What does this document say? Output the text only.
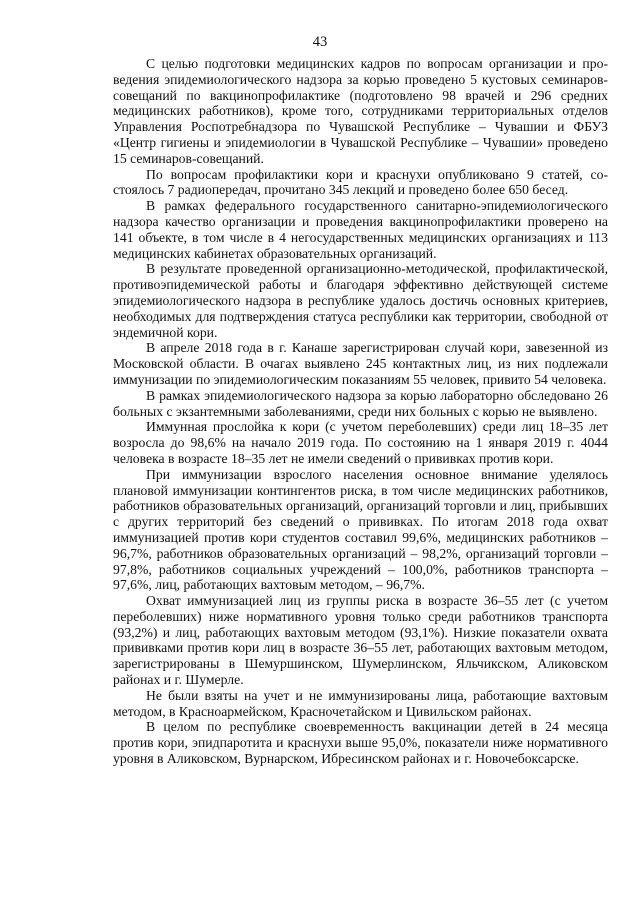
43

С целью подготовки медицинских кадров по вопросам организации и проведения эпидемиологического надзора за корью проведено 5 кустовых семинаров-совещаний по вакцинопрофилактике (подготовлено 98 врачей и 296 средних медицинских работников), кроме того, сотрудниками территориальных отделов Управления Роспотребнадзора по Чувашской Республике – Чувашии и ФБУЗ «Центр гигиены и эпидемиологии в Чувашской Республике – Чувашии» проведено 15 семинаров-совещаний.

По вопросам профилактики кори и краснухи опубликовано 9 статей, состоялось 7 радиопередач, прочитано 345 лекций и проведено более 650 бесед.

В рамках федерального государственного санитарно-эпидемиологического надзора качество организации и проведения вакцинопрофилактики проверено на 141 объекте, в том числе в 4 негосударственных медицинских организациях и 113 медицинских кабинетах образовательных организаций.

В результате проведенной организационно-методической, профилактической, противоэпидемической работы и благодаря эффективно действующей системе эпидемиологического надзора в республике удалось достичь основных критериев, необходимых для подтверждения статуса республики как территории, свободной от эндемичной кори.

В апреле 2018 года в г. Канаше зарегистрирован случай кори, завезенной из Московской области. В очагах выявлено 245 контактных лиц, из них подлежали иммунизации по эпидемиологическим показаниям 55 человек, привито 54 человека.

В рамках эпидемиологического надзора за корью лабораторно обследовано 26 больных с экзантемными заболеваниями, среди них больных с корью не выявлено.

Иммунная прослойка к кори (с учетом переболевших) среди лиц 18–35 лет возросла до 98,6% на начало 2019 года. По состоянию на 1 января 2019 г. 4044 человека в возрасте 18–35 лет не имели сведений о прививках против кори.

При иммунизации взрослого населения основное внимание уделялось плановой иммунизации контингентов риска, в том числе медицинских работников, работников образовательных организаций, организаций торговли и лиц, прибывших с других территорий без сведений о прививках. По итогам 2018 года охват иммунизацией против кори студентов составил 99,6%, медицинских работников – 96,7%, работников образовательных организаций – 98,2%, организаций торговли – 97,8%, работников социальных учреждений – 100,0%, работников транспорта – 97,6%, лиц, работающих вахтовым методом, – 96,7%.

Охват иммунизацией лиц из группы риска в возрасте 36–55 лет (с учетом переболевших) ниже нормативного уровня только среди работников транспорта (93,2%) и лиц, работающих вахтовым методом (93,1%). Низкие показатели охвата прививками против кори лиц в возрасте 36–55 лет, работающих вахтовым методом, зарегистрированы в Шемуршинском, Шумерлинском, Яльчикском, Аликовском районах и г. Шумерле.

Не были взяты на учет и не иммунизированы лица, работающие вахтовым методом, в Красноармейском, Красночетайском и Цивильском районах.

В целом по республике своевременность вакцинации детей в 24 месяца против кори, эпидпаротита и краснухи выше 95,0%, показатели ниже нормативного уровня в Аликовском, Вурнарском, Ибресинском районах и г. Новочебоксарске.
